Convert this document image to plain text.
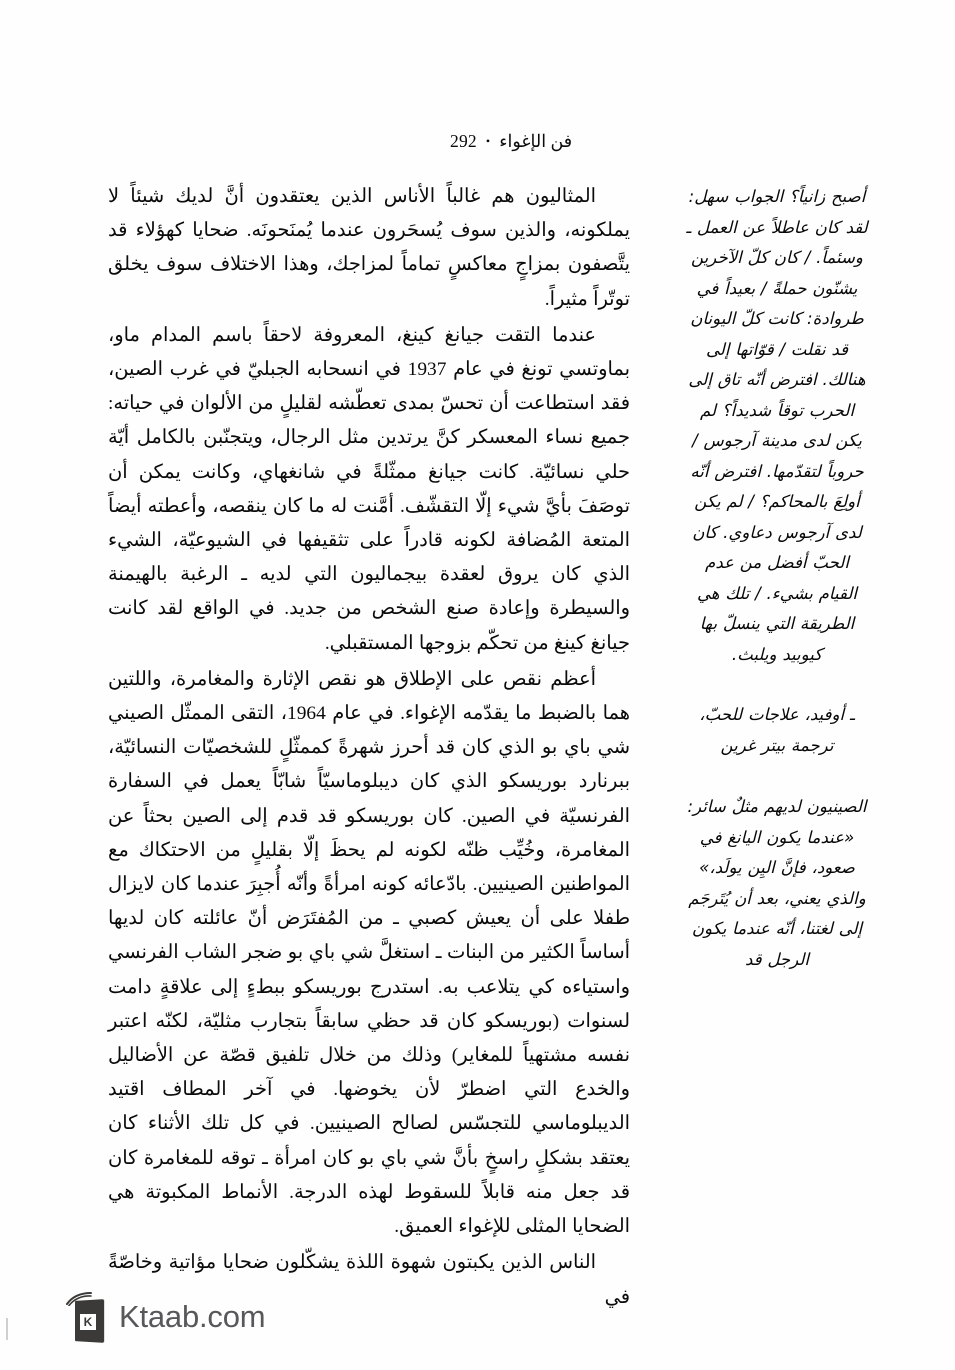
292 • فن الإغواء

المثاليون هم غالباً الأناس الذين يعتقدون أنَّ لديك شيئاً لا يملكونه، والذين سوف يُسحَرون عندما يُمنَحونَه. ضحايا كهؤلاء قد يتَّصفون بمزاجٍ معاكسٍ تماماً لمزاجك، وهذا الاختلاف سوف يخلق توتّراً مثيراً.

عندما التقت جيانغ كينغ، المعروفة لاحقاً باسم المدام ماو، بماوتسي تونغ في عام 1937 في انسحابه الجبليّ في غرب الصين، فقد استطاعت أن تحسّ بمدى تعطّشه لقليلٍ من الألوان في حياته: جميع نساء المعسكر كنَّ يرتدين مثل الرجال، ويتجنّبن بالكامل أيّة حلي نسائيّة. كانت جيانغ ممثّلةً في شانغهاي، وكانت يمكن أن توصَفَ بأيَّ شيء إلّا التقشّف. أمَّنت له ما كان ينقصه، وأعطته أيضاً المتعة المُضافة لكونه قادراً على تثقيفها في الشيوعيّة، الشيء الذي كان يروق لعقدة بيجماليون التي لديه ـ الرغبة بالهيمنة والسيطرة وإعادة صنع الشخص من جديد. في الواقع لقد كانت جيانغ كينغ من تحكّم بزوجها المستقبلي.

أعظم نقص على الإطلاق هو نقص الإثارة والمغامرة، واللتين هما بالضبط ما يقدّمه الإغواء. في عام 1964، التقى الممثّل الصيني شي باي بو الذي كان قد أحرز شهرةً كممثّلٍ للشخصيّات النسائيّة، ببرنارد بوريسكو الذي كان ديبلوماسيّاً شابّاً يعمل في السفارة الفرنسيّة في الصين. كان بوريسكو قد قدم إلى الصين بحثاً عن المغامرة، وخُيِّب ظنّه لكونه لم يحظَ إلّا بقليلٍ من الاحتكاك مع المواطنين الصينيين. بادّعائه كونه امرأةً وأنّه أُجبِرَ عندما كان لايزال طفلا على أن يعيش كصبي ـ من المُفتَرَض أنّ عائلته كان لديها أساساً الكثير من البنات ـ استغلَّ شي باي بو ضجر الشاب الفرنسي واستياءه كي يتلاعب به. استدرج بوريسكو ببطءٍ إلى علاقةٍ دامت لسنوات (بوريسكو كان قد حظي سابقاً بتجارب مثليّة، لكنّه اعتبر نفسه مشتهياً للمغاير) وذلك من خلال تلفيق قصّة عن الأضاليل والخدع التي اضطرّ لأن يخوضها. في آخر المطاف اقتيد الديبلوماسي للتجسّس لصالح الصينيين. في كل تلك الأثناء كان يعتقد بشكلٍ راسخٍ بأنَّ شي باي بو كان امرأة ـ توقه للمغامرة كان قد جعل منه قابلاً للسقوط لهذه الدرجة. الأنماط المكبوتة هي الضحايا المثلى للإغواء العميق.

الناس الذين يكبتون شهوة اللذة يشكّلون ضحايا مؤاتية وخاصّةً في

أصبح زانياً؟ الجواب سهل: لقد كان عاطلاً عن العمل ـ وسئماً. / كان كلّ الآخرين يشنّون حملةً / بعيداً في طروادة: كانت كلّ اليونان قد نقلت / قوّاتها إلى هنالك. افترض أنّه تاق إلى الحرب توقاً شديداً؟ لم يكن لدى مدينة آرجوس / حروباً لتقدّمها. افترض أنّه أولِعَ بالمحاكم؟ / لم يكن لدى آرجوس دعاوي. كان الحبّ أفضل من عدم القيام بشيء. / تلك هي الطريقة التي ينسلّ بها كيوبيد ويلبث.

ـ أوفيد، علاجات للحبّ، ترجمة بيتر غرين

الصينيون لديهم مثلٌ سائر: «عندما يكون اليانغ في صعود، فإنَّ اليِن يولَد،» والذي يعني، بعد أن يُتَرجَم إلى لغتنا، أنّه عندما يكون الرجل قد

K Ktaab.com
